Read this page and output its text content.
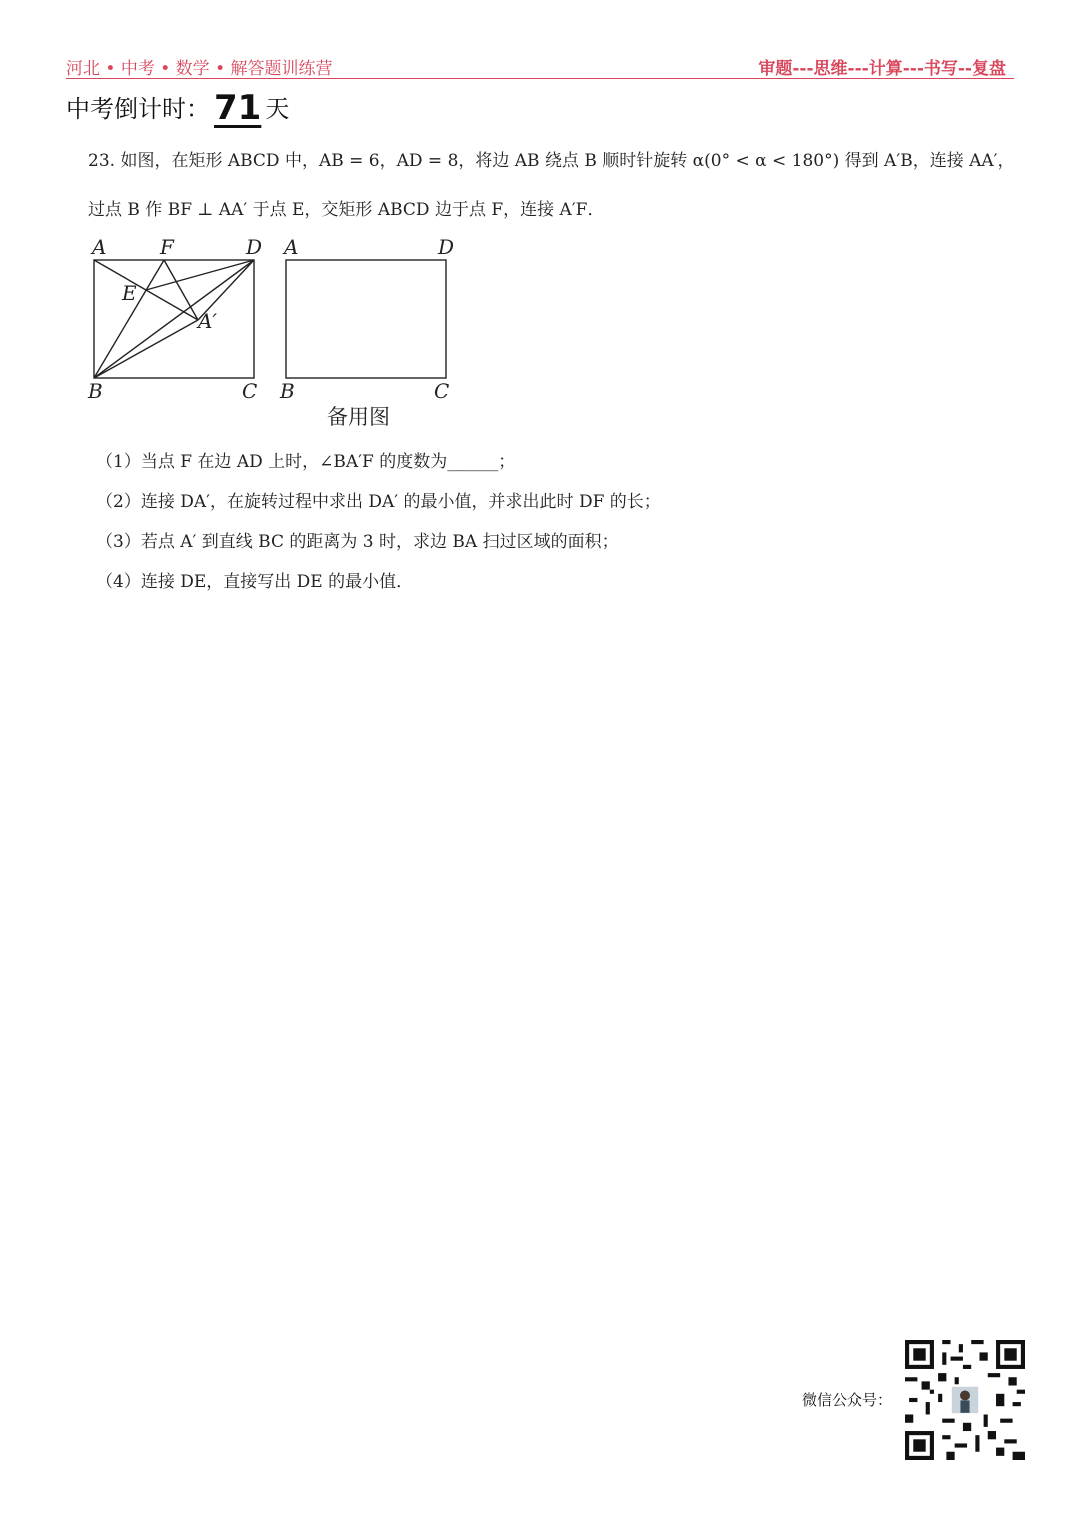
河北 • 中考 • 数学 • 解答题训练营	审题---思维---计算---书写--复盘
中考倒计时： 71 天
23. 如图，在矩形 ABCD 中，AB = 6，AD = 8，将边 AB 绕点 B 顺时针旋转 α(0° < α < 180°) 得到 A′B，连接 AA′，
过点 B 作 BF ⊥ AA′ 于点 E，交矩形 ABCD 边于点 F，连接 A′F．
A	F	D
E
A′
B	C
A	D
B	C
备用图
（1）当点 F 在边 AD 上时，∠BA′F 的度数为______；
（2）连接 DA′，在旋转过程中求出 DA′ 的最小值，并求出此时 DF 的长；
（3）若点 A′ 到直线 BC 的距离为 3 时，求边 BA 扫过区域的面积；
（4）连接 DE，直接写出 DE 的最小值．
微信公众号：
